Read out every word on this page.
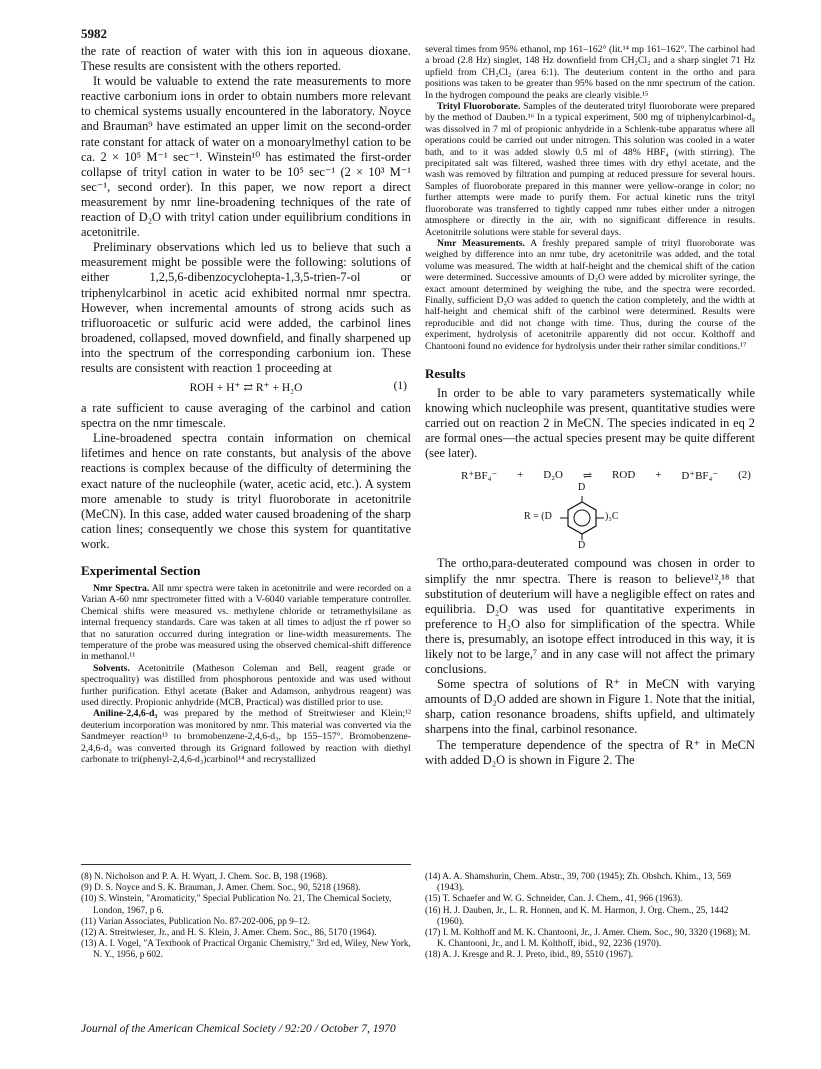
5982

the rate of reaction of water with this ion in aqueous dioxane. These results are consistent with the others reported.

It would be valuable to extend the rate measurements to more reactive carbonium ions in order to obtain numbers more relevant to chemical systems usually encountered in the laboratory. Noyce and Brauman⁹ have estimated an upper limit on the second-order rate constant for attack of water on a monoarylmethyl cation to be ca. 2 × 10⁵ M⁻¹ sec⁻¹. Winstein¹⁰ has estimated the first-order collapse of trityl cation in water to be 10⁵ sec⁻¹ (2 × 10³ M⁻¹ sec⁻¹, second order). In this paper, we now report a direct measurement by nmr line-broadening techniques of the rate of reaction of D₂O with trityl cation under equilibrium conditions in acetonitrile.

Preliminary observations which led us to believe that such a measurement might be possible were the following: solutions of either 1,2,5,6-dibenzocyclohepta-1,3,5-trien-7-ol or triphenylcarbinol in acetic acid exhibited normal nmr spectra. However, when incremental amounts of strong acids such as trifluoroacetic or sulfuric acid were added, the carbinol lines broadened, collapsed, moved downfield, and finally sharpened up into the spectrum of the corresponding carbonium ion. These results are consistent with reaction 1 proceeding at

ROH + H⁺ ⇄ R⁺ + H₂O	(1)

a rate sufficient to cause averaging of the carbinol and cation spectra on the nmr timescale.

Line-broadened spectra contain information on chemical lifetimes and hence on rate constants, but analysis of the above reactions is complex because of the difficulty of determining the exact nature of the nucleophile (water, acetic acid, etc.). A system more amenable to study is trityl fluoroborate in acetonitrile (MeCN). In this case, added water caused broadening of the sharp cation lines; consequently we chose this system for quantitative work.

Experimental Section

Nmr Spectra. All nmr spectra were taken in acetonitrile and were recorded on a Varian A-60 nmr spectrometer fitted with a V-6040 variable temperature controller. Chemical shifts were measured vs. methylene chloride or tetramethylsilane as internal frequency standards. Care was taken at all times to adjust the rf power so that no saturation occurred during integration or line-width measurements. The temperature of the probe was measured using the observed chemical-shift difference in methanol.¹¹

Solvents. Acetonitrile (Matheson Coleman and Bell, reagent grade or spectroquality) was distilled from phosphorous pentoxide and was used without further purification. Ethyl acetate (Baker and Adamson, anhydrous reagent) was used directly. Propionic anhydride (MCB, Practical) was distilled prior to use.

Aniline-2,4,6-d₃ was prepared by the method of Streitwieser and Klein;¹² deuterium incorporation was monitored by nmr. This material was converted via the Sandmeyer reaction¹³ to bromobenzene-2,4,6-d₃, bp 155–157°. Bromobenzene-2,4,6-d₃ was converted through its Grignard followed by reaction with diethyl carbonate to tri(phenyl-2,4,6-d₃)carbinol¹⁴ and recrystallized

several times from 95% ethanol, mp 161–162° (lit.¹⁴ mp 161–162°. The carbinol had a broad (2.8 Hz) singlet, 148 Hz downfield from CH₂Cl₂ and a sharp singlet 71 Hz upfield from CH₂Cl₂ (area 6:1). The deuterium content in the ortho and para positions was taken to be greater than 95% based on the nmr spectrum of the cation. In the hydrogen compound the peaks are clearly visible.¹⁵

Trityl Fluoroborate. Samples of the deuterated trityl fluoroborate were prepared by the method of Dauben.¹⁶ In a typical experiment, 500 mg of triphenylcarbinol-d₉ was dissolved in 7 ml of propionic anhydride in a Schlenk-tube apparatus where all operations could be carried out under nitrogen. This solution was cooled in a water bath, and to it was added slowly 0.5 ml of 48% HBF₄ (with stirring). The precipitated salt was filtered, washed three times with dry ethyl acetate, and the wash was removed by filtration and pumping at reduced pressure for several hours. Samples of fluoroborate prepared in this manner were yellow-orange in color; no further attempts were made to purify them. For actual kinetic runs the trityl fluoroborate was transferred to tightly capped nmr tubes either under a nitrogen atmosphere or directly in the air, with no significant difference in results. Acetonitrile solutions were stable for several days.

Nmr Measurements. A freshly prepared sample of trityl fluoroborate was weighed by difference into an nmr tube, dry acetonitrile was added, and the total volume was measured. The width at half-height and the chemical shift of the cation were determined. Successive amounts of D₂O were added by microliter syringe, the exact amount determined by weighing the tube, and the spectra were recorded. Finally, sufficient D₂O was added to quench the cation completely, and the width at half-height and chemical shift of the carbinol were determined. Results were reproducible and did not change with time. Thus, during the course of the experiment, hydrolysis of acetonitrile apparently did not occur. Kolthoff and Chantooni found no evidence for hydrolysis under their rather similar conditions.¹⁷

Results

In order to be able to vary parameters systematically while knowing which nucleophile was present, quantitative studies were carried out on reaction 2 in MeCN. The species indicated in eq 2 are formal ones—the actual species present may be quite different (see later).

R⁺BF₄⁻ + D₂O ⇌ ROD + D⁺BF₄⁻ (2)
D
D
R = (D	)₃C

The ortho,para-deuterated compound was chosen in order to simplify the nmr spectra. There is reason to believe¹²,¹⁸ that substitution of deuterium will have a negligible effect on rates and equilibria. D₂O was used for quantitative experiments in preference to H₂O also for simplification of the spectra. While there is, presumably, an isotope effect introduced in this way, it is likely not to be large,⁷ and in any case will not affect the primary conclusions.

Some spectra of solutions of R⁺ in MeCN with varying amounts of D₂O added are shown in Figure 1. Note that the initial, sharp, cation resonance broadens, shifts upfield, and ultimately sharpens into the final, carbinol resonance.

The temperature dependence of the spectra of R⁺ in MeCN with added D₂O is shown in Figure 2. The

(8) N. Nicholson and P. A. H. Wyatt, J. Chem. Soc. B, 198 (1968).

(9) D. S. Noyce and S. K. Brauman, J. Amer. Chem. Soc., 90, 5218 (1968).

(10) S. Winstein, "Aromaticity," Special Publication No. 21, The Chemical Society, London, 1967, p 6.

(11) Varian Associates, Publication No. 87-202-006, pp 9–12.

(12) A. Streitwieser, Jr., and H. S. Klein, J. Amer. Chem. Soc., 86, 5170 (1964).

(13) A. I. Vogel, "A Textbook of Practical Organic Chemistry," 3rd ed, Wiley, New York, N. Y., 1956, p 602.

(14) A. A. Shamshurin, Chem. Abstr., 39, 700 (1945); Zh. Obshch. Khim., 13, 569 (1943).

(15) T. Schaefer and W. G. Schneider, Can. J. Chem., 41, 966 (1963).

(16) H. J. Dauben, Jr., L. R. Honnen, and K. M. Harmon, J. Org. Chem., 25, 1442 (1960).

(17) I. M. Kolthoff and M. K. Chantooni, Jr., J. Amer. Chem. Soc., 90, 3320 (1968); M. K. Chantooni, Jr., and I. M. Kolthoff, ibid., 92, 2236 (1970).

(18) A. J. Kresge and R. J. Preto, ibid., 89, 5510 (1967).

Journal of the American Chemical Society / 92:20 / October 7, 1970
